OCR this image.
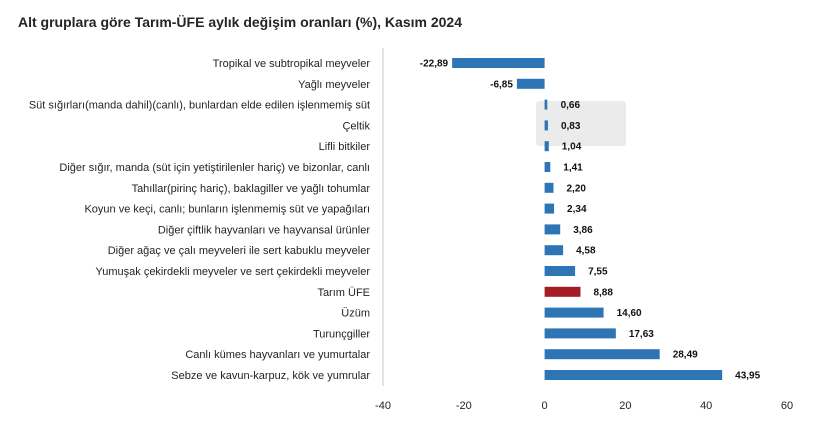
Alt gruplara göre Tarım-ÜFE aylık değişim oranları (%), Kasım 2024
Tropikal ve subtropikal meyveler	-22,89
Yağlı meyveler	-6,85
Süt sığırları(manda dahil)(canlı), bunlardan elde edilen işlenmemiş süt	0,66
Çeltik	0,83
Lifli bitkiler	1,04
Diğer sığır, manda (süt için yetiştirilenler hariç) ve bizonlar, canlı	1,41
Tahıllar(pirinç hariç), baklagiller ve yağlı tohumlar	2,20
Koyun ve keçi, canlı; bunların işlenmemiş süt ve yapağıları	2,34
Diğer çiftlik hayvanları ve hayvansal ürünler	3,86
Diğer ağaç ve çalı meyveleri ile sert kabuklu meyveler	4,58
Yumuşak çekirdekli meyveler ve sert çekirdekli meyveler	7,55
Tarım ÜFE	8,88
Üzüm	14,60
Turunçgiller	17,63
Canlı kümes hayvanları ve yumurtalar	28,49
Sebze ve kavun-karpuz, kök ve yumrular	43,95
-40	-20	0	20	40	60
